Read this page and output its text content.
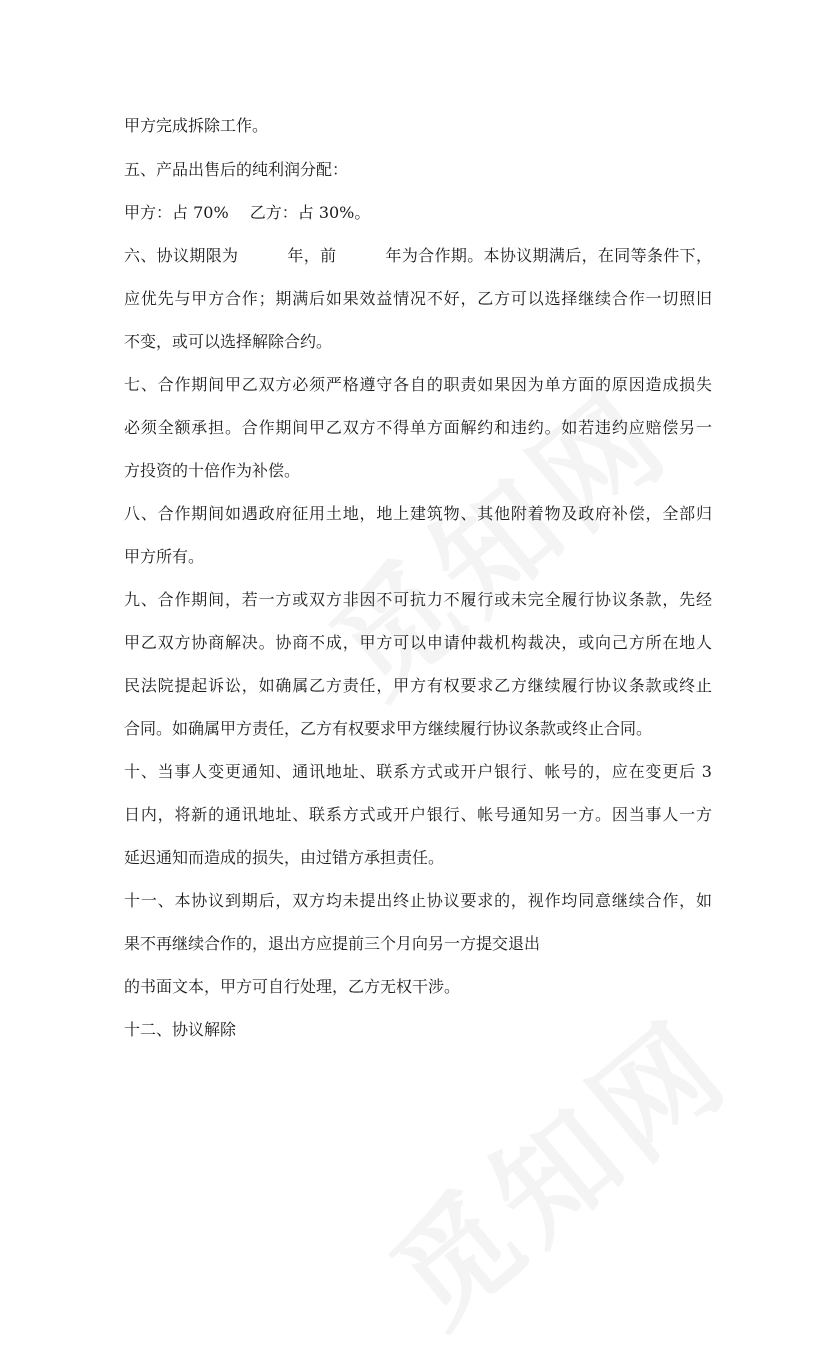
甲方完成拆除工作。
五、产品出售后的纯利润分配：
甲方：占 70%　 乙方：占 30%。
六、协议期限为　　　年，前　　　年为合作期。本协议期满后，在同等条件下，
应优先与甲方合作；期满后如果效益情况不好，乙方可以选择继续合作一切照旧
不变，或可以选择解除合约。
七、合作期间甲乙双方必须严格遵守各自的职责如果因为单方面的原因造成损失
必须全额承担。合作期间甲乙双方不得单方面解约和违约。如若违约应赔偿另一
方投资的十倍作为补偿。
八、合作期间如遇政府征用土地，地上建筑物、其他附着物及政府补偿，全部归
甲方所有。
九、合作期间，若一方或双方非因不可抗力不履行或未完全履行协议条款，先经
甲乙双方协商解决。协商不成，甲方可以申请仲裁机构裁决，或向己方所在地人
民法院提起诉讼，如确属乙方责任，甲方有权要求乙方继续履行协议条款或终止
合同。如确属甲方责任，乙方有权要求甲方继续履行协议条款或终止合同。
十、当事人变更通知、通讯地址、联系方式或开户银行、帐号的，应在变更后 3
日内，将新的通讯地址、联系方式或开户银行、帐号通知另一方。因当事人一方
延迟通知而造成的损失，由过错方承担责任。
十一、本协议到期后，双方均未提出终止协议要求的，视作均同意继续合作，如
果不再继续合作的，退出方应提前三个月向另一方提交退出
的书面文本，甲方可自行处理，乙方无权干涉。
十二、协议解除
